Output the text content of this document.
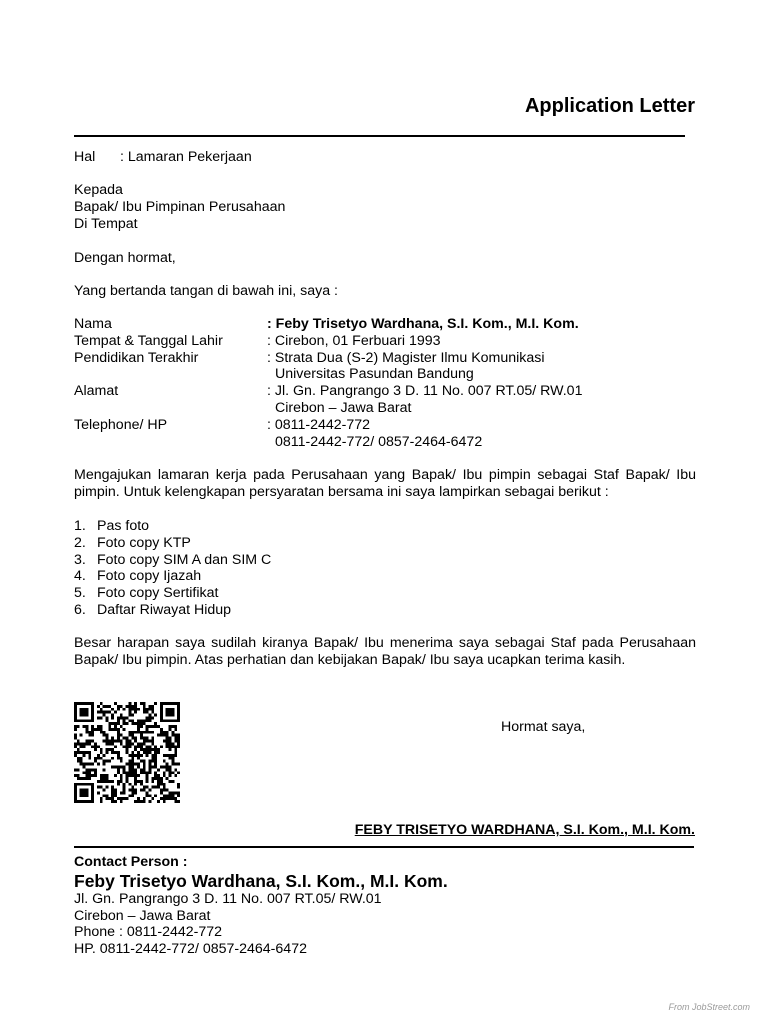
Application Letter
Hal : Lamaran Pekerjaan
Kepada
Bapak/ Ibu Pimpinan Perusahaan
Di Tempat
Dengan hormat,
Yang bertanda tangan di bawah ini, saya :
Nama	: Feby Trisetyo Wardhana, S.I. Kom., M.I. Kom.
Tempat & Tanggal Lahir	: Cirebon, 01 Ferbuari 1993
Pendidikan Terakhir	: Strata Dua (S-2) Magister Ilmu Komunikasi
Universitas Pasundan Bandung
Alamat	: Jl. Gn. Pangrango 3 D. 11 No. 007 RT.05/ RW.01
Cirebon – Jawa Barat
Telephone/ HP	: 0811-2442-772
0811-2442-772/ 0857-2464-6472
Mengajukan lamaran kerja pada Perusahaan yang Bapak/ Ibu pimpin sebagai Staf Bapak/ Ibu pimpin. Untuk kelengkapan persyaratan bersama ini saya lampirkan sebagai berikut :
1. Pas foto
2. Foto copy KTP
3. Foto copy SIM A dan SIM C
4. Foto copy Ijazah
5. Foto copy Sertifikat
6. Daftar Riwayat Hidup
Besar harapan saya sudilah kiranya Bapak/ Ibu menerima saya sebagai Staf pada Perusahaan Bapak/ Ibu pimpin. Atas perhatian dan kebijakan Bapak/ Ibu saya ucapkan terima kasih.
Hormat saya,
FEBY TRISETYO WARDHANA, S.I. Kom., M.I. Kom.
Contact Person :
Feby Trisetyo Wardhana, S.I. Kom., M.I. Kom.
Jl. Gn. Pangrango 3 D. 11 No. 007 RT.05/ RW.01
Cirebon – Jawa Barat
Phone : 0811-2442-772
HP. 0811-2442-772/ 0857-2464-6472
From JobStreet.com
